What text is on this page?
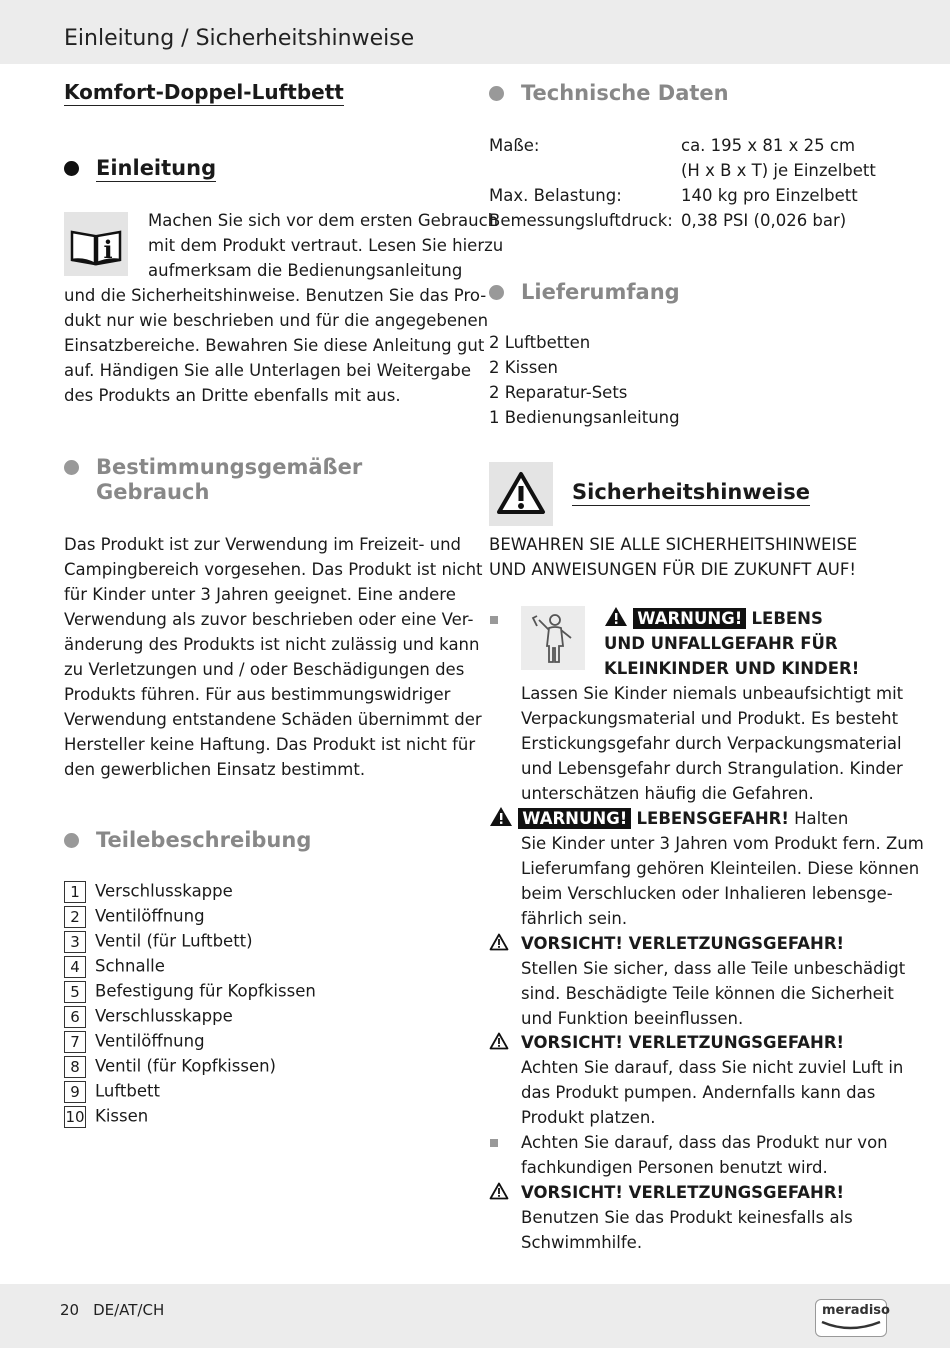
Einleitung / Sicherheitshinweise
Komfort-Doppel-Luftbett
Einleitung
i
Machen Sie sich vor dem ersten Gebrauch
mit dem Produkt vertraut. Lesen Sie hierzu
aufmerksam die Bedienungsanleitung
und die Sicherheitshinweise. Benutzen Sie das Pro-
dukt nur wie beschrieben und für die angegebenen
Einsatzbereiche. Bewahren Sie diese Anleitung gut
auf. Händigen Sie alle Unterlagen bei Weitergabe
des Produkts an Dritte ebenfalls mit aus.
Bestimmungsgemäßer
Gebrauch
Das Produkt ist zur Verwendung im Freizeit- und
Campingbereich vorgesehen. Das Produkt ist nicht
für Kinder unter 3 Jahren geeignet. Eine andere
Verwendung als zuvor beschrieben oder eine Ver-
änderung des Produkts ist nicht zulässig und kann
zu Verletzungen und / oder Beschädigungen des
Produkts führen. Für aus bestimmungswidriger
Verwendung entstandene Schäden übernimmt der
Hersteller keine Haftung. Das Produkt ist nicht für
den gewerblichen Einsatz bestimmt.
Teilebeschreibung
1 Verschlusskappe
2 Ventilöffnung
3 Ventil (für Luftbett)
4 Schnalle
5 Befestigung für Kopfkissen
6 Verschlusskappe
7 Ventilöffnung
8 Ventil (für Kopfkissen)
9 Luftbett
10 Kissen
Technische Daten
Maße:	ca. 195 x 81 x 25 cm
(H x B x T) je Einzelbett
Max. Belastung:	140 kg pro Einzelbett
Bemessungsluftdruck: 0,38 PSI (0,026 bar)
Lieferumfang
2 Luftbetten
2 Kissen
2 Reparatur-Sets
1 Bedienungsanleitung
Sicherheitshinweise
BEWAHREN SIE ALLE SICHERHEITSHINWEISE
UND ANWEISUNGEN FÜR DIE ZUKUNFT AUF!
WARNUNG! LEBENS
UND UNFALLGEFAHR FÜR
KLEINKINDER UND KINDER!
Lassen Sie Kinder niemals unbeaufsichtigt mit
Verpackungsmaterial und Produkt. Es besteht
Erstickungsgefahr durch Verpackungsmaterial
und Lebensgefahr durch Strangulation. Kinder
unterschätzen häufig die Gefahren.
WARNUNG! LEBENSGEFAHR! Halten
Sie Kinder unter 3 Jahren vom Produkt fern. Zum
Lieferumfang gehören Kleinteilen. Diese können
beim Verschlucken oder Inhalieren lebensge-
fährlich sein.
VORSICHT! VERLETZUNGSGEFAHR!
Stellen Sie sicher, dass alle Teile unbeschädigt
sind. Beschädigte Teile können die Sicherheit
und Funktion beeinflussen.
VORSICHT! VERLETZUNGSGEFAHR!
Achten Sie darauf, dass Sie nicht zuviel Luft in
das Produkt pumpen. Andernfalls kann das
Produkt platzen.
Achten Sie darauf, dass das Produkt nur von
fachkundigen Personen benutzt wird.
VORSICHT! VERLETZUNGSGEFAHR!
Benutzen Sie das Produkt keinesfalls als
Schwimmhilfe.
20 DE/AT/CH	meradiso
